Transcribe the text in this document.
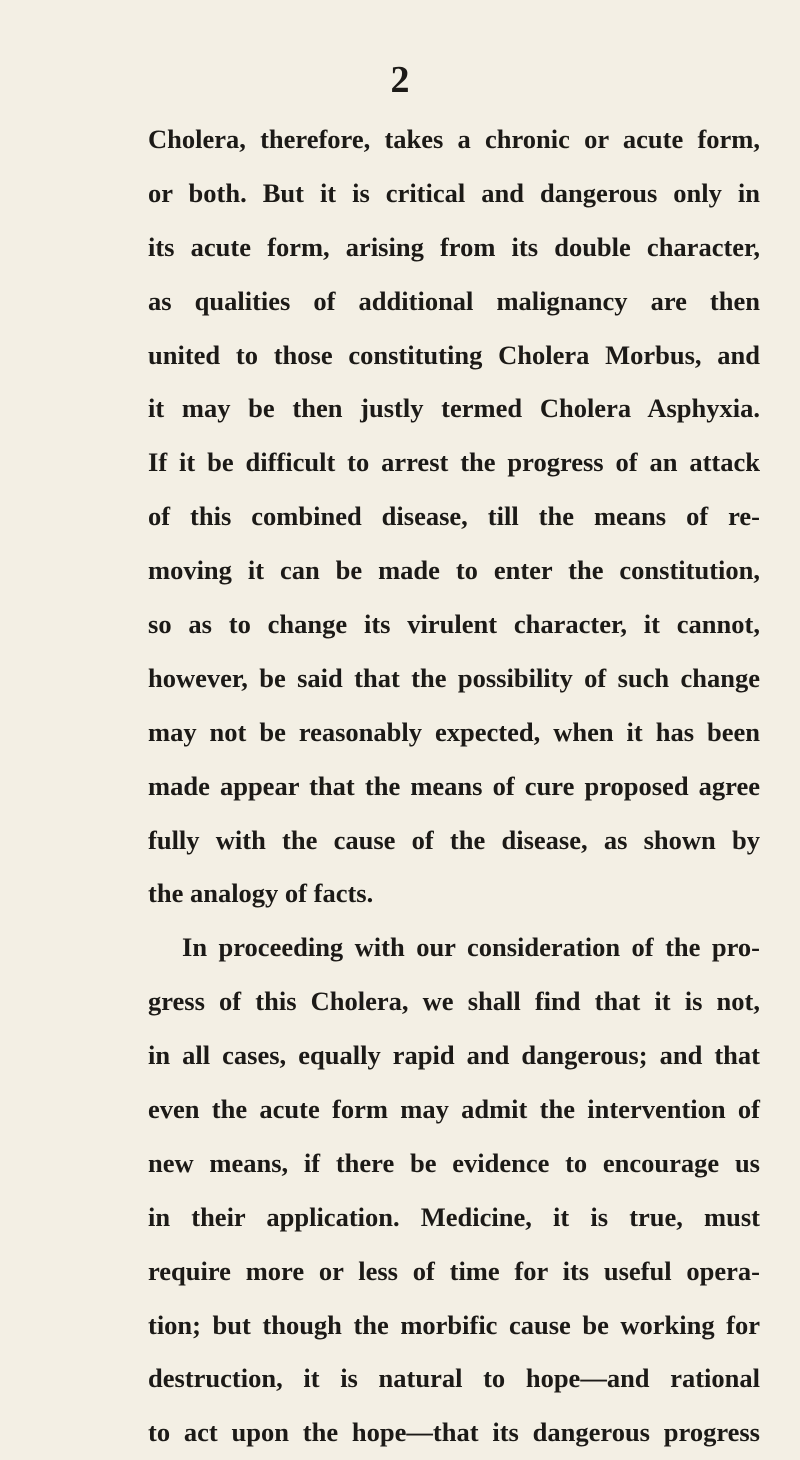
2
Cholera, therefore, takes a chronic or acute form,
or both. But it is critical and dangerous only in
its acute form, arising from its double character,
as qualities of additional malignancy are then
united to those constituting Cholera Morbus, and
it may be then justly termed Cholera Asphyxia.
If it be difficult to arrest the progress of an attack
of this combined disease, till the means of re-
moving it can be made to enter the constitution,
so as to change its virulent character, it cannot,
however, be said that the possibility of such change
may not be reasonably expected, when it has been
made appear that the means of cure proposed agree
fully with the cause of the disease, as shown by
the analogy of facts.
In proceeding with our consideration of the pro-
gress of this Cholera, we shall find that it is not,
in all cases, equally rapid and dangerous; and that
even the acute form may admit the intervention of
new means, if there be evidence to encourage us
in their application. Medicine, it is true, must
require more or less of time for its useful opera-
tion; but though the morbific cause be working for
destruction, it is natural to hope—and rational
to act upon the hope—that its dangerous progress
